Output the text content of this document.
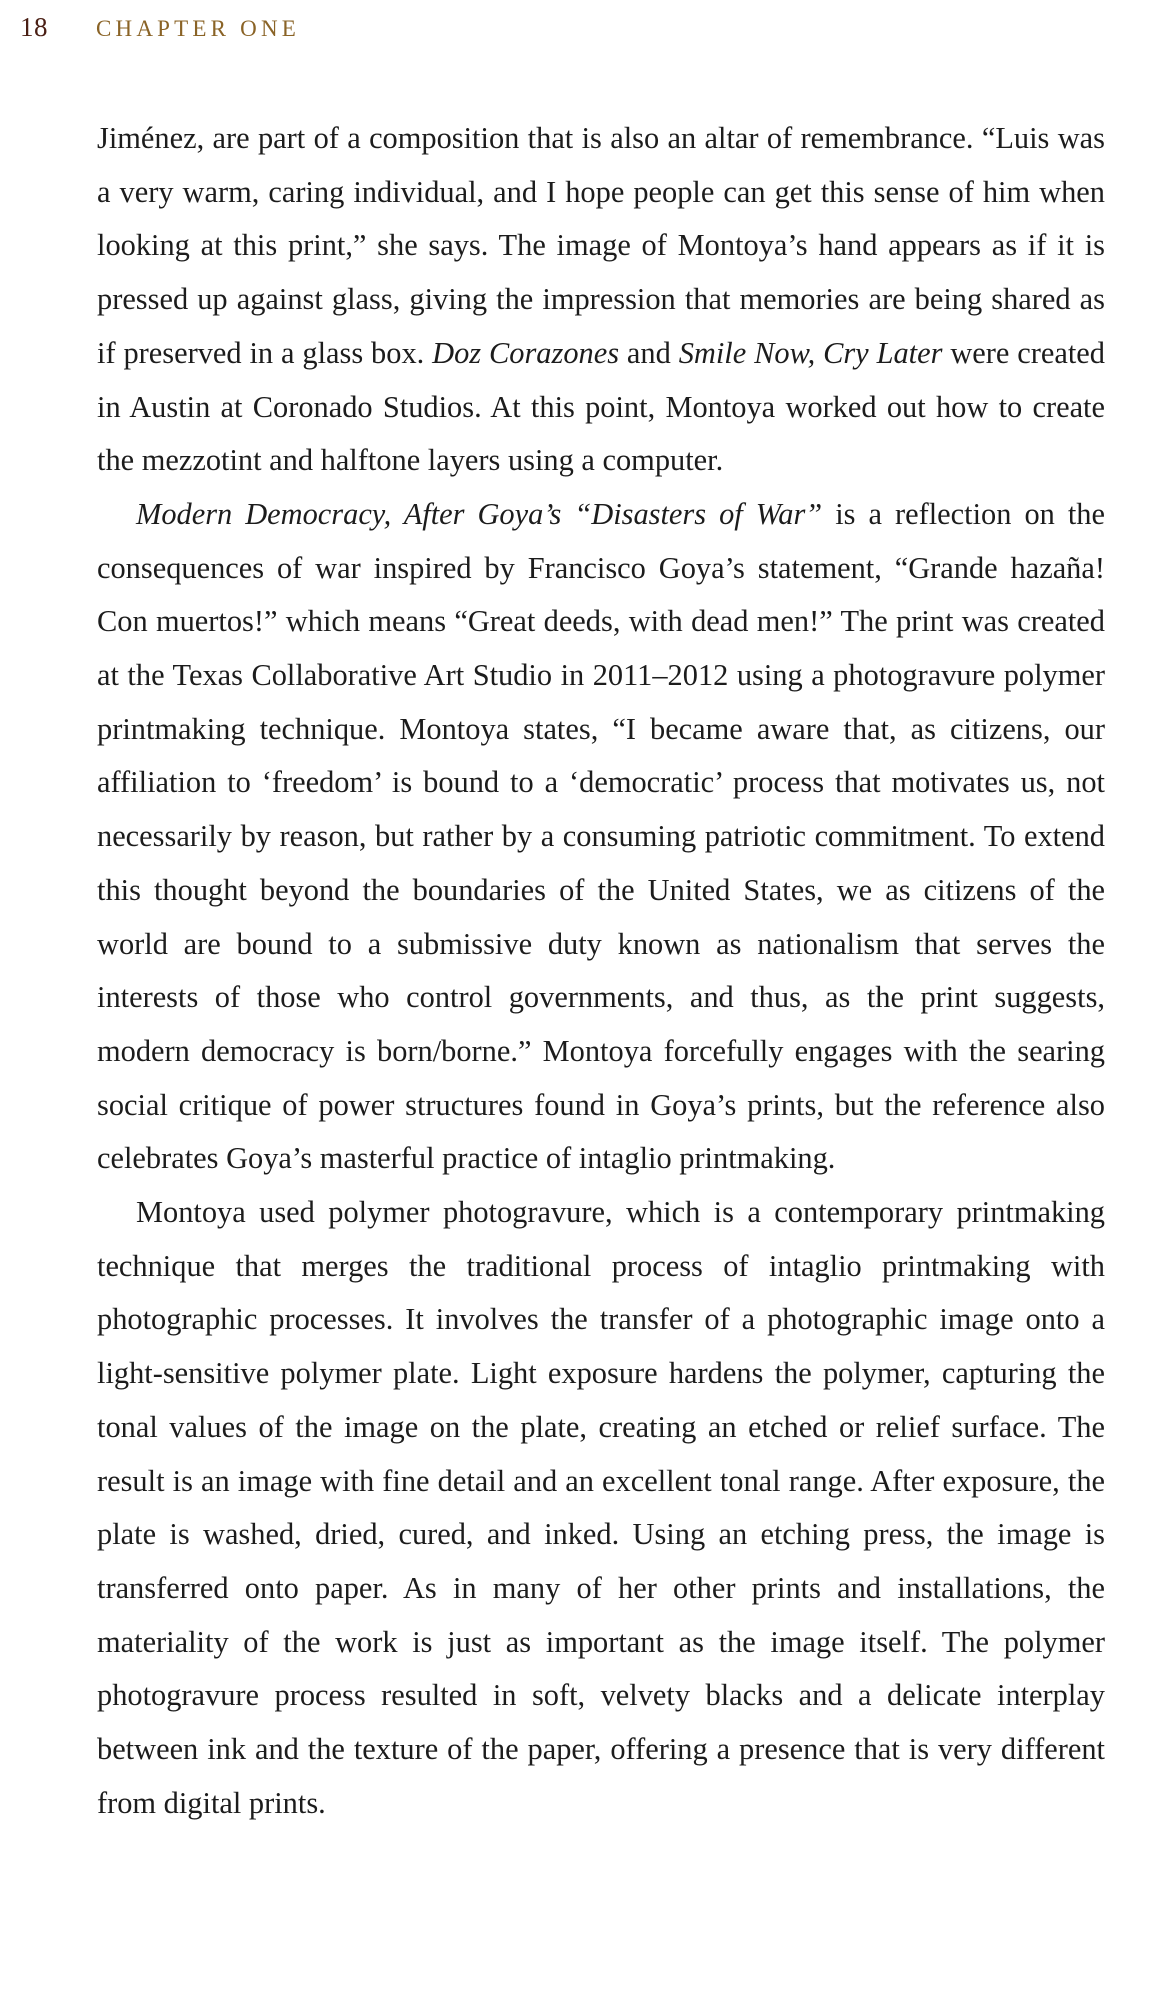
18 CHAPTER ONE

Jiménez, are part of a composition that is also an altar of remembrance. “Luis was a very warm, caring individual, and I hope people can get this sense of him when looking at this print,” she says. The image of Montoya’s hand appears as if it is pressed up against glass, giving the impression that memories are being shared as if preserved in a glass box. Doz Corazones and Smile Now, Cry Later were created in Austin at Coronado Studios. At this point, Montoya worked out how to create the mezzotint and halftone layers using a computer.

Modern Democracy, After Goya’s “Disasters of War” is a reflection on the consequences of war inspired by Francisco Goya’s statement, “Grande hazaña! Con muertos!” which means “Great deeds, with dead men!” The print was created at the Texas Collaborative Art Studio in 2011–2012 using a photogravure polymer printmaking technique. Montoya states, “I became aware that, as citizens, our affiliation to ‘freedom’ is bound to a ‘democratic’ process that motivates us, not necessarily by reason, but rather by a consuming patriotic commitment. To extend this thought beyond the boundaries of the United States, we as citizens of the world are bound to a submissive duty known as nationalism that serves the interests of those who control governments, and thus, as the print suggests, modern democracy is born/borne.” Montoya forcefully engages with the searing social critique of power structures found in Goya’s prints, but the reference also celebrates Goya’s masterful practice of intaglio printmaking.

Montoya used polymer photogravure, which is a contemporary printmaking technique that merges the traditional process of intaglio printmaking with photographic processes. It involves the transfer of a photographic image onto a light-sensitive polymer plate. Light exposure hardens the polymer, capturing the tonal values of the image on the plate, creating an etched or relief surface. The result is an image with fine detail and an excellent tonal range. After exposure, the plate is washed, dried, cured, and inked. Using an etching press, the image is transferred onto paper. As in many of her other prints and installations, the materiality of the work is just as important as the image itself. The polymer photogravure process resulted in soft, velvety blacks and a delicate interplay between ink and the texture of the paper, offering a presence that is very different from digital prints.
